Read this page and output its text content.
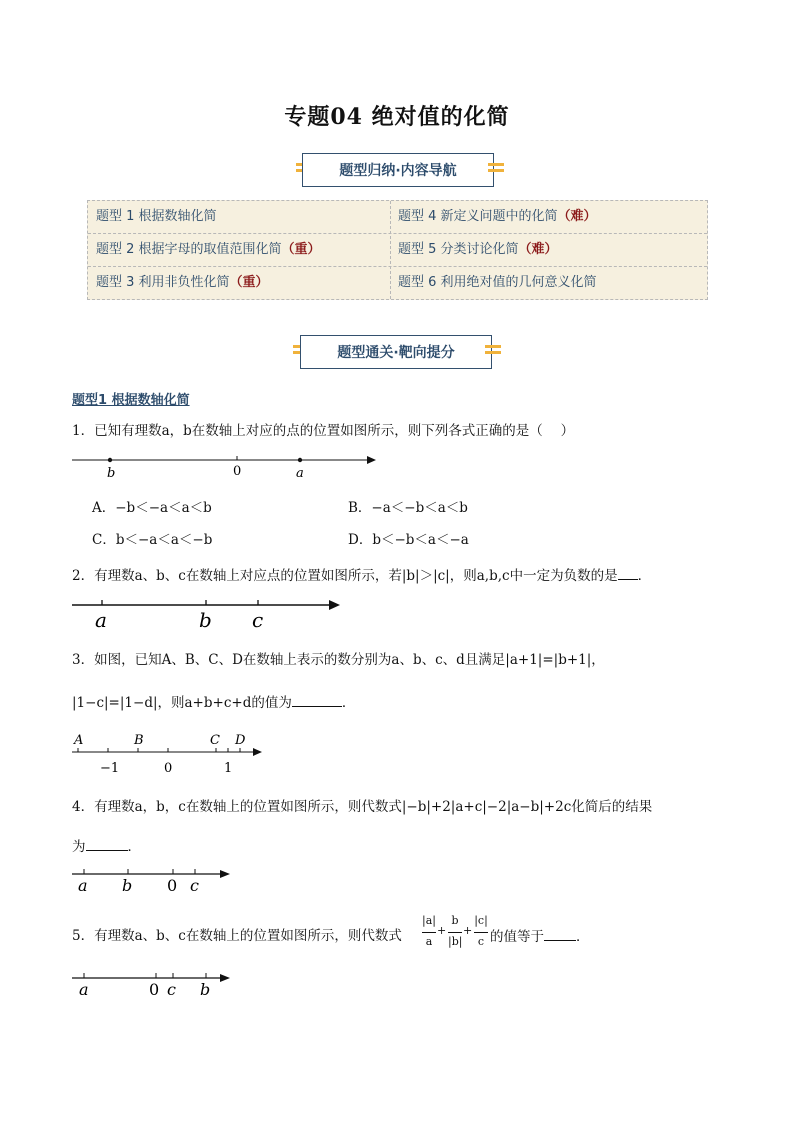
专题04 绝对值的化简
题型归纳·内容导航
题型 1 根据数轴化简	题型 4 新定义问题中的化简（难）
题型 2 根据字母的取值范围化简（重）	题型 5 分类讨论化简（难）
题型 3 利用非负性化简（重）	题型 6 利用绝对值的几何意义化简
题型通关·靶向提分
题型1 根据数轴化简
1．已知有理数a，b在数轴上对应的点的位置如图所示，则下列各式正确的是（　 ）
b	0	a
A．−b＜−a＜a＜b	B．−a＜−b＜a＜b
C．b＜−a＜a＜−b	D．b＜−b＜a＜−a
2．有理数a、b、c在数轴上对应点的位置如图所示，若|b|＞|c|，则a,b,c中一定为负数的是 ．
a	b c
3．如图，已知A、B、C、D在数轴上表示的数分别为a、b、c、d且满足|a+1|=|b+1|，
|1−c|=|1−d|，则a+b+c+d的值为	．
A	B	C D
−1	0	1
4．有理数a，b，c在数轴上的位置如图所示，则代数式|−b|+2|a+c|−2|a−b|+2c化简后的结果
为	．
a b 0 c
5．有理数a、b、c在数轴上的位置如图所示，则代数式
|a|
a
+
b
|b|
+
|c|
c 的值等于 ．
a	0 c b
